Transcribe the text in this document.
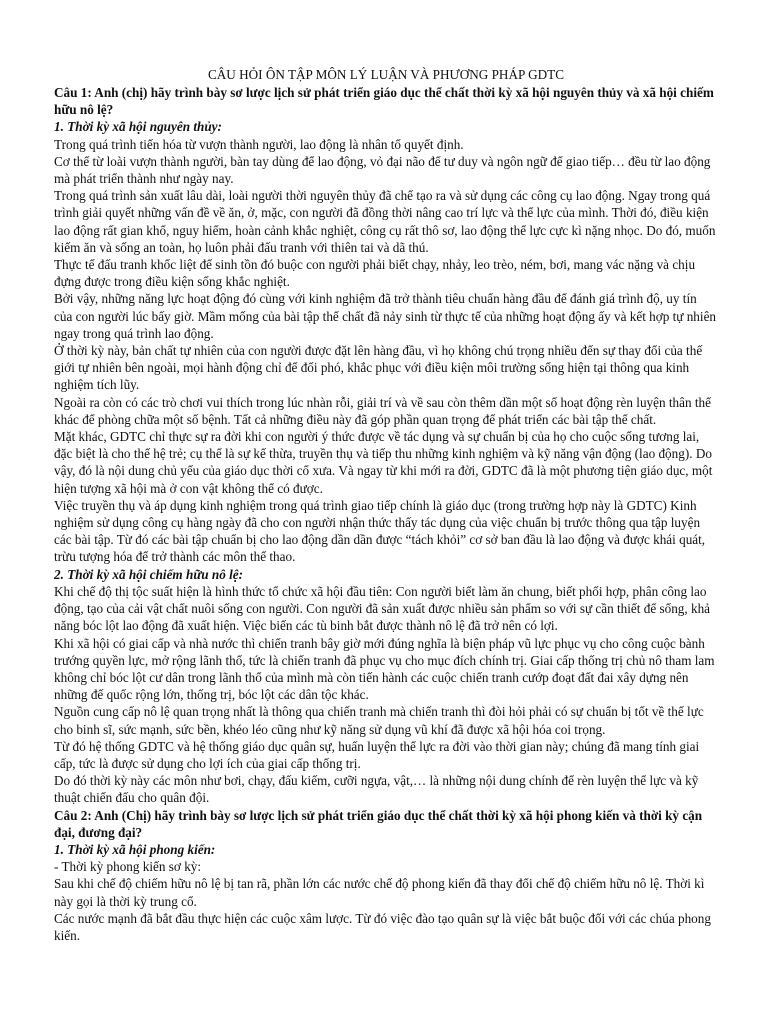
CÂU HỎI ÔN TẬP MÔN LÝ LUẬN VÀ PHƯƠNG PHÁP GDTC

Câu 1: Anh (chị) hãy trình bày sơ lược lịch sử phát triển giáo dục thể chất thời kỳ xã hội nguyên thủy và xã hội chiếm hữu nô lệ?

1. Thời kỳ xã hội nguyên thủy:

Trong quá trình tiến hóa từ vượn thành người, lao động là nhân tố quyết định.

Cơ thể từ loài vượn thành người, bàn tay dùng để lao động, vỏ đại não để tư duy và ngôn ngữ để giao tiếp… đều từ lao động mà phát triển thành như ngày nay.

Trong quá trình sản xuất lâu dài, loài người thời nguyên thủy đã chế tạo ra và sử dụng các công cụ lao động. Ngay trong quá trình giải quyết những vấn đề về ăn, ở, mặc, con người đã đồng thời nâng cao trí lực và thể lực của mình. Thời đó, điều kiện lao động rất gian khổ, nguy hiểm, hoàn cảnh khắc nghiệt, công cụ rất thô sơ, lao động thể lực cực kì nặng nhọc. Do đó, muốn kiếm ăn và sống an toàn, họ luôn phải đấu tranh với thiên tai và dã thú.

Thực tế đấu tranh khốc liệt để sinh tồn đó buộc con người phải biết chạy, nhảy, leo trèo, ném, bơi, mang vác nặng và chịu đựng được trong điều kiện sống khắc nghiệt.

Bởi vậy, những năng lực hoạt động đó cùng với kinh nghiệm đã trở thành tiêu chuẩn hàng đầu để đánh giá trình độ, uy tín của con người lúc bấy giờ. Mầm mống của bài tập thể chất đã nảy sinh từ thực tế của những hoạt động ấy và kết hợp tự nhiên ngay trong quá trình lao động.

Ở thời kỳ này, bản chất tự nhiên của con người được đặt lên hàng đầu, vì họ không chú trọng nhiều đến sự thay đổi của thế giới tự nhiên bên ngoài, mọi hành động chỉ để đối phó, khắc phục với điều kiện môi trường sống hiện tại thông qua kinh nghiệm tích lũy.

Ngoài ra còn có các trò chơi vui thích trong lúc nhàn rỗi, giải trí và về sau còn thêm dần một số hoạt động rèn luyện thân thể khác để phòng chữa một số bệnh. Tất cả những điều này đã góp phần quan trọng để phát triển các bài tập thể chất.

Mặt khác, GDTC chỉ thực sự ra đời khi con người ý thức được về tác dụng và sự chuẩn bị của họ cho cuộc sống tương lai, đặc biệt là cho thế hệ trẻ; cụ thể là sự kế thừa, truyền thụ và tiếp thu những kinh nghiệm và kỹ năng vận động (lao động). Do vậy, đó là nội dung chủ yếu của giáo dục thời cổ xưa. Và ngay từ khi mới ra đời, GDTC đã là một phương tiện giáo dục, một hiện tượng xã hội mà ở con vật không thể có được.

Việc truyền thụ và áp dụng kinh nghiệm trong quá trình giao tiếp chính là giáo dục (trong trường hợp này là GDTC) Kinh nghiệm sử dụng công cụ hàng ngày đã cho con người nhận thức thấy tác dụng của việc chuẩn bị trước thông qua tập luyện các bài tập. Từ đó các bài tập chuẩn bị cho lao động dần dần được “tách khỏi” cơ sở ban đầu là lao động và được khái quát, trừu tượng hóa để trở thành các môn thể thao.

2. Thời kỳ xã hội chiếm hữu nô lệ:

Khi chế độ thị tộc suất hiện là hình thức tổ chức xã hội đầu tiên: Con người biết làm ăn chung, biết phối hợp, phân công lao động, tạo của cải vật chất nuôi sống con người. Con người đã sản xuất được nhiều sản phẩm so với sự cần thiết để sống, khả năng bóc lột lao động đã xuất hiện. Việc biến các tù binh bắt được thành nô lệ đã trở nên có lợi.

Khi xã hội có giai cấp và nhà nước thì chiến tranh bây giờ mới đúng nghĩa là biện pháp vũ lực phục vụ cho công cuộc bành trướng quyền lực, mở rộng lãnh thổ, tức là chiến tranh đã phục vụ cho mục đích chính trị. Giai cấp thống trị chủ nô tham lam không chỉ bóc lột cư dân trong lãnh thổ của mình mà còn tiến hành các cuộc chiến tranh cướp đoạt đất đai xây dựng nên những đế quốc rộng lớn, thống trị, bóc lột các dân tộc khác.

Nguồn cung cấp nô lệ quan trọng nhất là thông qua chiến tranh mà chiến tranh thì đòi hỏi phải có sự chuẩn bị tốt về thể lực cho binh sĩ, sức mạnh, sức bền, khéo léo cũng như kỹ năng sử dụng vũ khí đã được xã hội hóa coi trọng.

Từ đó hệ thống GDTC và hệ thống giáo dục quân sự, huấn luyện thể lực ra đời vào thời gian này; chúng đã mang tính giai cấp, tức là được sử dụng cho lợi ích của giai cấp thống trị.

Do đó thời kỳ này các môn như bơi, chạy, đấu kiếm, cưỡi ngựa, vật,… là những nội dung chính để rèn luyện thể lực và kỹ thuật chiến đấu cho quân đội.

Câu 2: Anh (Chị) hãy trình bày sơ lược lịch sử phát triển giáo dục thể chất thời kỳ xã hội phong kiến và thời kỳ cận đại, đương đại?

1. Thời kỳ xã hội phong kiến:

- Thời kỳ phong kiến sơ kỳ:

Sau khi chế độ chiếm hữu nô lệ bị tan rã, phần lớn các nước chế độ phong kiến đã thay đổi chế độ chiếm hữu nô lệ. Thời kì này gọi là thời kỳ trung cổ.

Các nước mạnh đã bắt đầu thực hiện các cuộc xâm lược. Từ đó việc đào tạo quân sự là việc bắt buộc đối với các chúa phong kiến.
